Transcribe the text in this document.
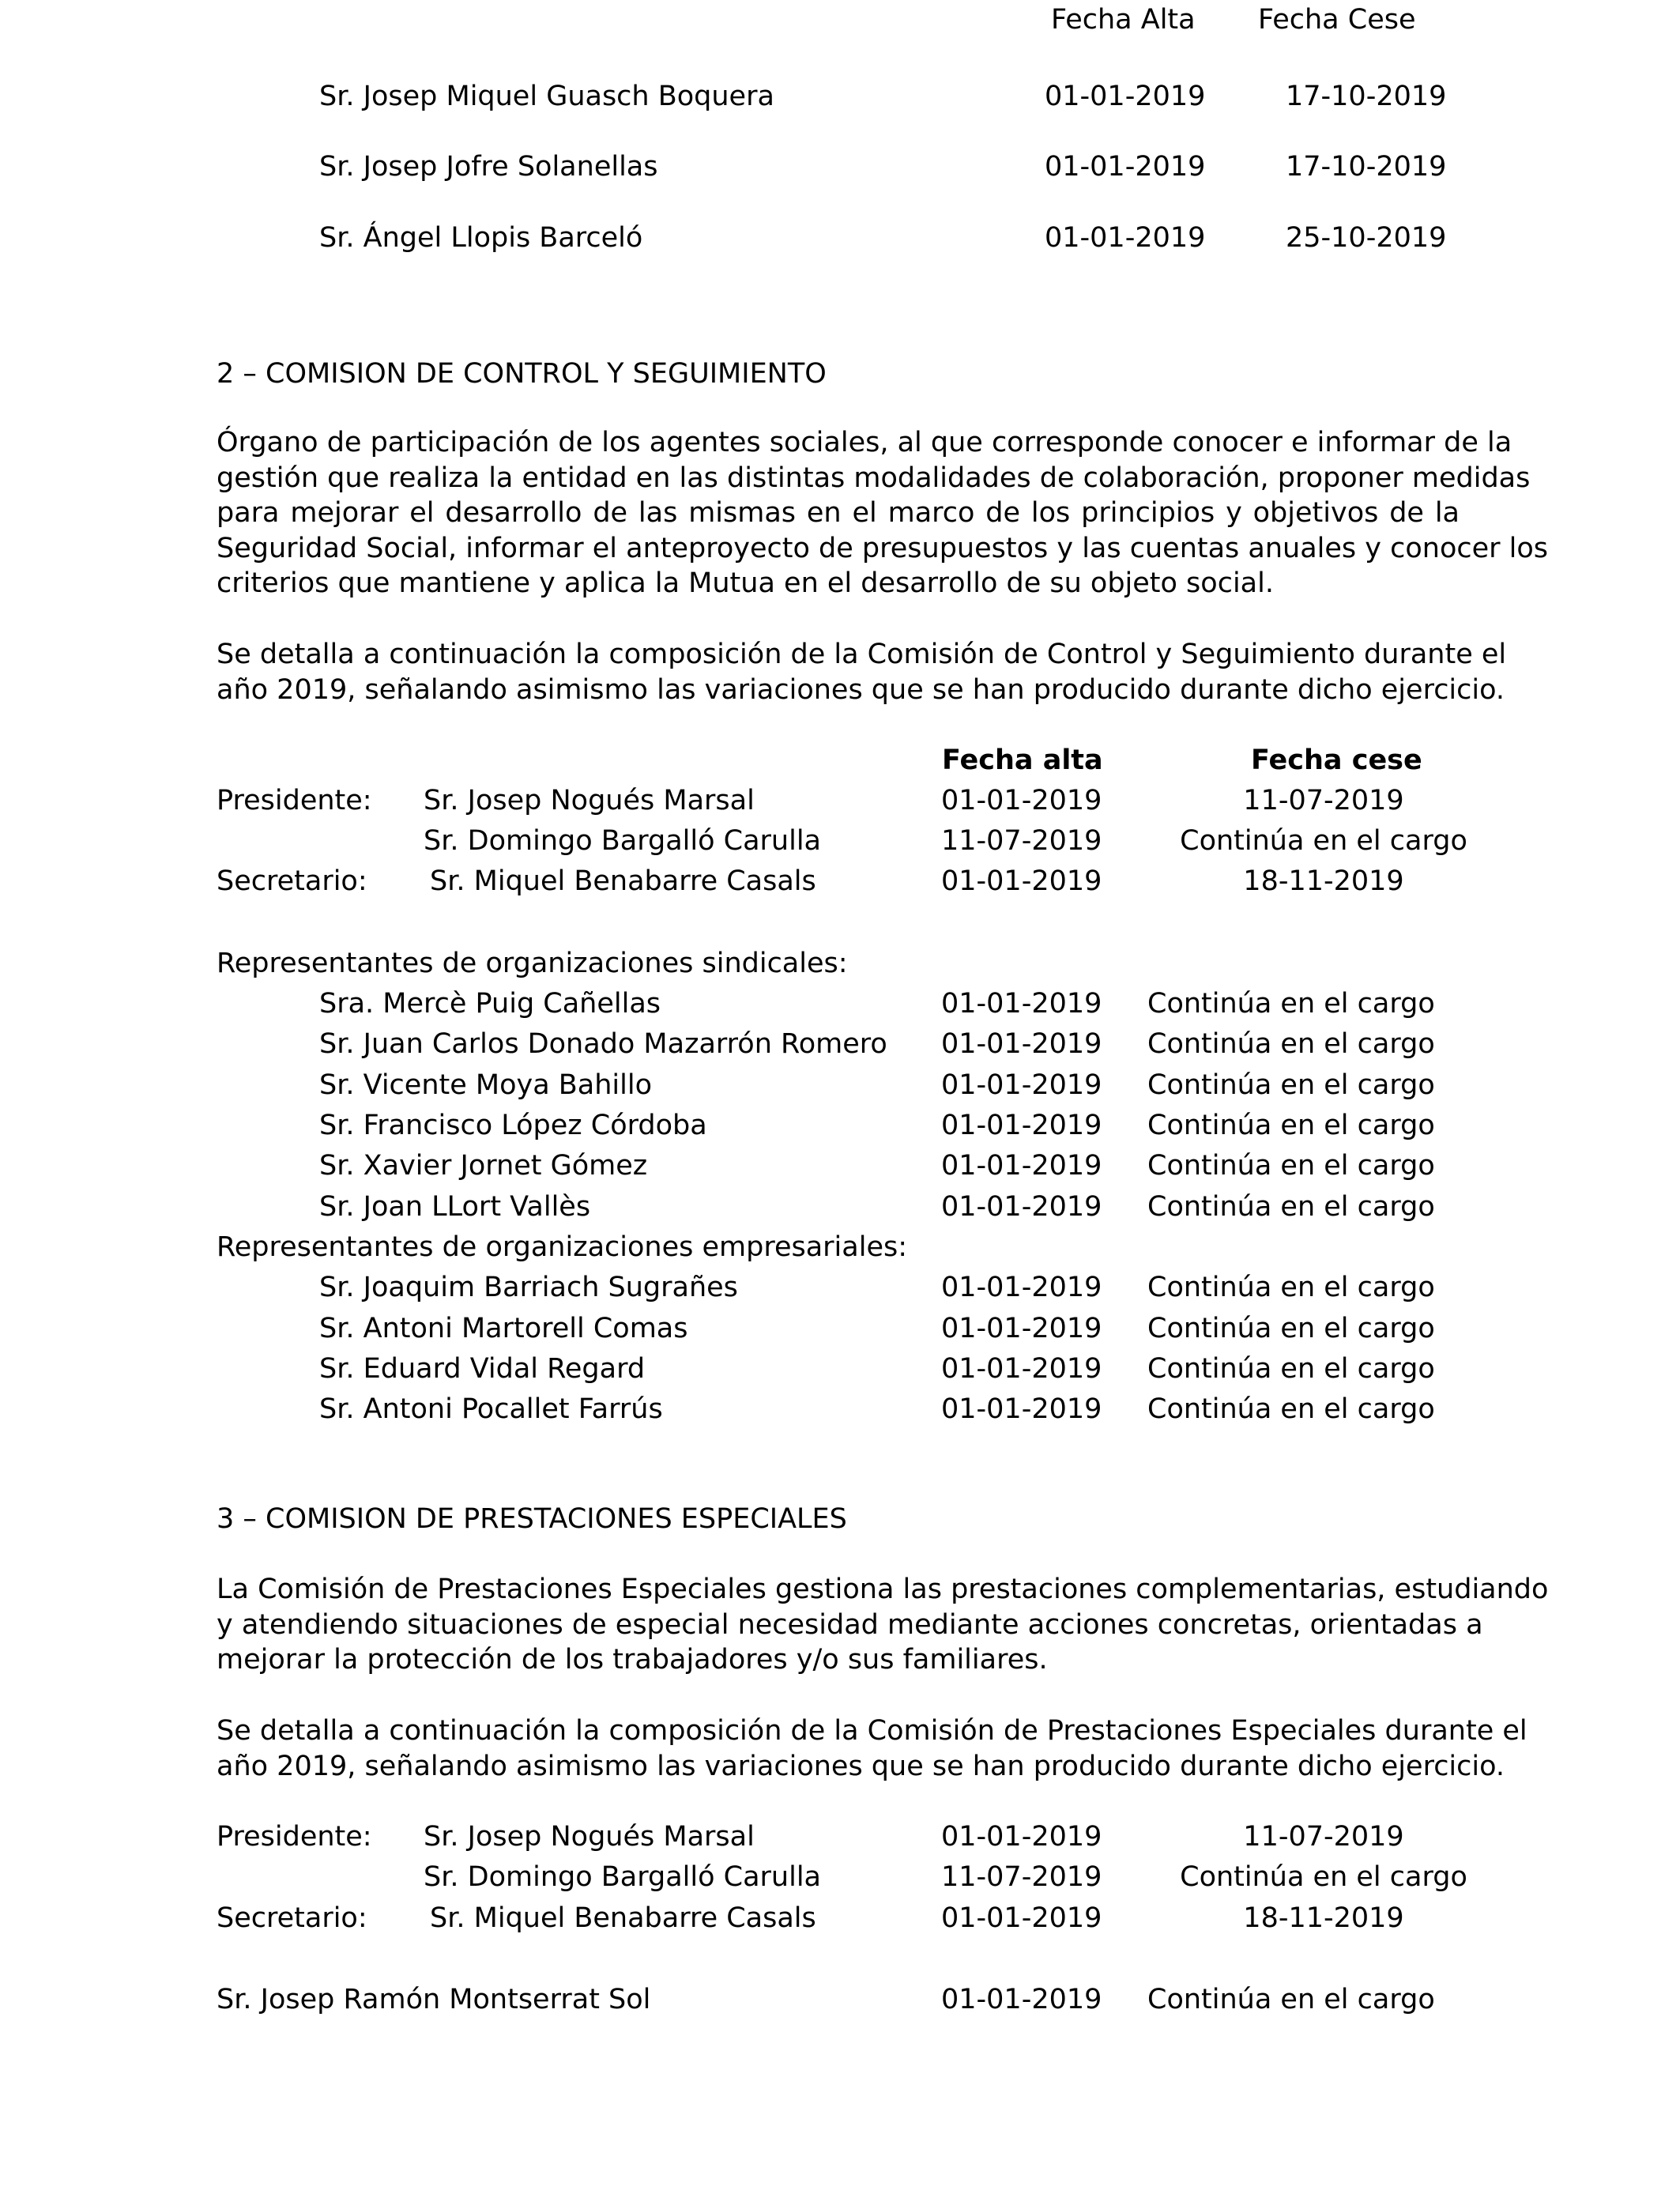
Fecha Alta Fecha Cese
Sr. Josep Miquel Guasch Boquera	01-01-2019	17-10-2019
Sr. Josep Jofre Solanellas	01-01-2019	17-10-2019
Sr. Ángel Llopis Barceló	01-01-2019	25-10-2019
2 – COMISION DE CONTROL Y SEGUIMIENTO
Órgano de participación de los agentes sociales, al que corresponde conocer e informar de la
gestión que realiza la entidad en las distintas modalidades de colaboración, proponer medidas
para mejorar el desarrollo de las mismas en el marco de los principios y objetivos de la
Seguridad Social, informar el anteproyecto de presupuestos y las cuentas anuales y conocer los
criterios que mantiene y aplica la Mutua en el desarrollo de su objeto social.
Se detalla a continuación la composición de la Comisión de Control y Seguimiento durante el
año 2019, señalando asimismo las variaciones que se han producido durante dicho ejercicio.
Fecha alta	Fecha cese
Presidente: Sr. Josep Nogués Marsal	01-01-2019	11-07-2019
Sr. Domingo Bargalló Carulla	11-07-2019	Continúa en el cargo
Secretario: Sr. Miquel Benabarre Casals	01-01-2019	18-11-2019
Representantes de organizaciones sindicales:
Sra. Mercè Puig Cañellas	01-01-2019 Continúa en el cargo
Sr. Juan Carlos Donado Mazarrón Romero 01-01-2019 Continúa en el cargo
Sr. Vicente Moya Bahillo	01-01-2019 Continúa en el cargo
Sr. Francisco López Córdoba	01-01-2019 Continúa en el cargo
Sr. Xavier Jornet Gómez	01-01-2019 Continúa en el cargo
Sr. Joan LLort Vallès	01-01-2019 Continúa en el cargo
Representantes de organizaciones empresariales:
Sr. Joaquim Barriach Sugrañes	01-01-2019 Continúa en el cargo
Sr. Antoni Martorell Comas	01-01-2019 Continúa en el cargo
Sr. Eduard Vidal Regard	01-01-2019 Continúa en el cargo
Sr. Antoni Pocallet Farrús	01-01-2019 Continúa en el cargo
3 – COMISION DE PRESTACIONES ESPECIALES
La Comisión de Prestaciones Especiales gestiona las prestaciones complementarias, estudiando
y atendiendo situaciones de especial necesidad mediante acciones concretas, orientadas a
mejorar la protección de los trabajadores y/o sus familiares.
Se detalla a continuación la composición de la Comisión de Prestaciones Especiales durante el
año 2019, señalando asimismo las variaciones que se han producido durante dicho ejercicio.
Presidente: Sr. Josep Nogués Marsal	01-01-2019	11-07-2019
Sr. Domingo Bargalló Carulla	11-07-2019	Continúa en el cargo
Secretario: Sr. Miquel Benabarre Casals	01-01-2019	18-11-2019
Sr. Josep Ramón Montserrat Sol	01-01-2019 Continúa en el cargo
